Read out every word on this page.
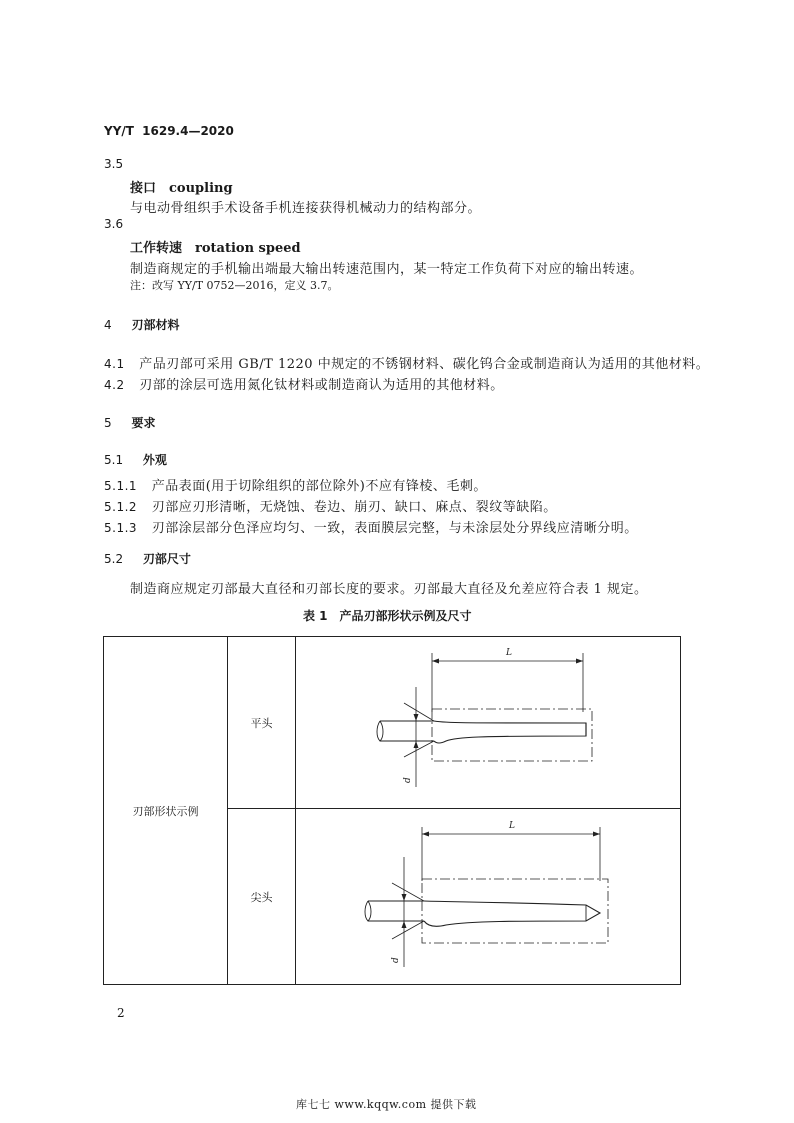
YY/T 1629.4—2020
3.5
接口　coupling
与电动骨组织手术设备手机连接获得机械动力的结构部分。
3.6
工作转速　rotation speed
制造商规定的手机输出端最大输出转速范围内，某一特定工作负荷下对应的输出转速。
注：改写 YY/T 0752—2016，定义 3.7。
4 刃部材料
4.1 产品刃部可采用 GB/T 1220 中规定的不锈钢材料、碳化钨合金或制造商认为适用的其他材料。
4.2 刃部的涂层可选用氮化钛材料或制造商认为适用的其他材料。
5 要求
5.1 外观
5.1.1 产品表面(用于切除组织的部位除外)不应有锋棱、毛刺。
5.1.2 刃部应刃形清晰，无烧蚀、卷边、崩刃、缺口、麻点、裂纹等缺陷。
5.1.3 刃部涂层部分色泽应均匀、一致，表面膜层完整，与未涂层处分界线应清晰分明。
5.2 刃部尺寸
制造商应规定刃部最大直径和刃部长度的要求。刃部最大直径及允差应符合表 1 规定。
表 1　产品刃部形状示例及尺寸
刃部形状示例	平头	L
d

	尖头	L
d
2
库七七 www.kqqw.com 提供下载
